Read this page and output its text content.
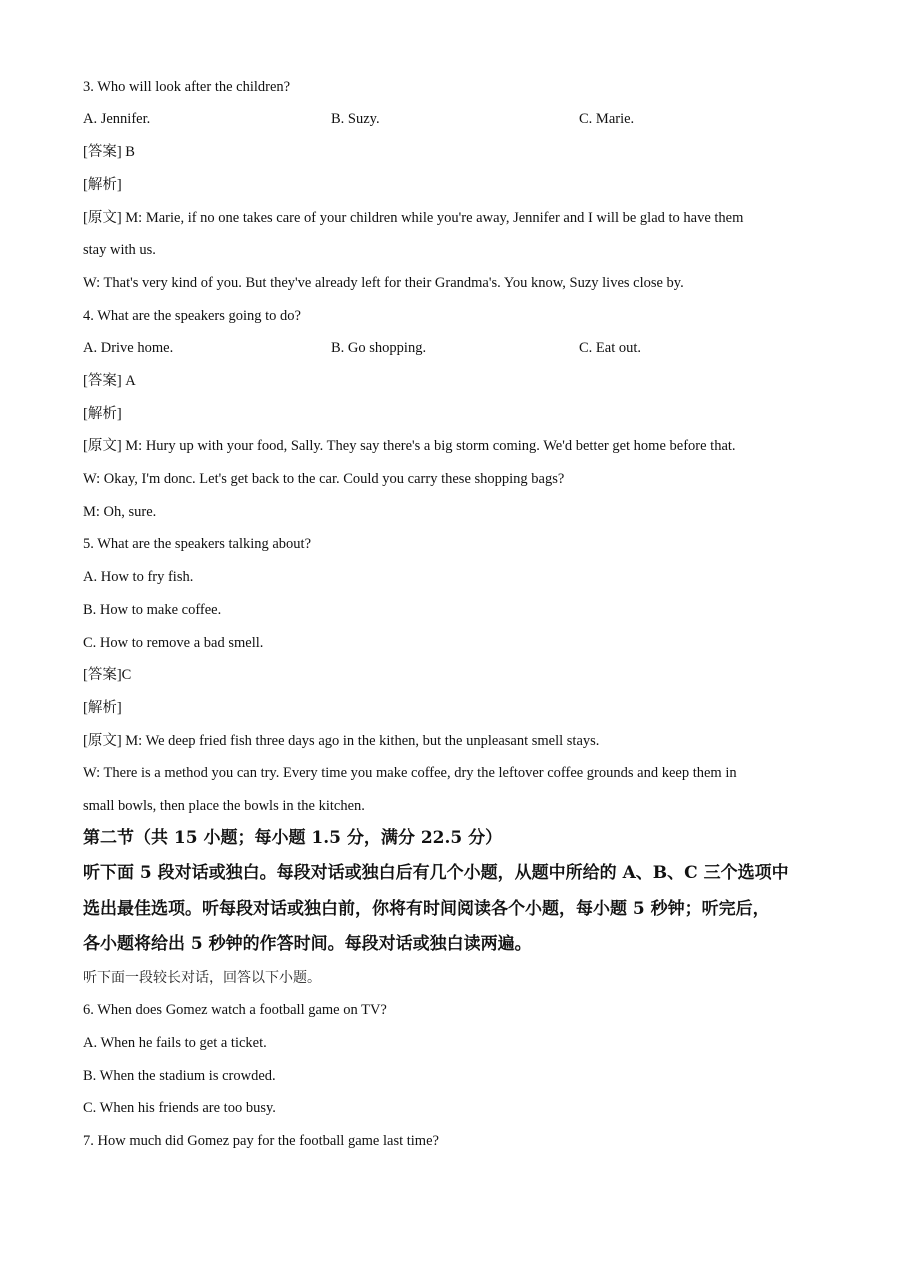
3. Who will look after the children?
A. Jennifer.	B. Suzy.	C. Marie.
[答案] B
[解析]
[原文] M: Marie, if no one takes care of your children while you're away, Jennifer and I will be glad to have them
stay with us.
W: That's very kind of you. But they've already left for their Grandma's. You know, Suzy lives close by.
4. What are the speakers going to do?
A. Drive home.	B. Go shopping.	C. Eat out.
[答案] A
[解析]
[原文] M: Hury up with your food, Sally. They say there's a big storm coming. We'd better get home before that.
W: Okay, I'm donc. Let's get back to the car. Could you carry these shopping bags?
M: Oh, sure.
5. What are the speakers talking about?
A. How to fry fish.
B. How to make coffee.
C. How to remove a bad smell.
[答案]C
[解析]
[原文] M: We deep fried fish three days ago in the kithen, but the unpleasant smell stays.
W: There is a method you can try. Every time you make coffee, dry the leftover coffee grounds and keep them in
small bowls, then place the bowls in the kitchen.
第二节（共 15 小题；每小题 1.5 分，满分 22.5 分）
听下面 5 段对话或独白。每段对话或独白后有几个小题，从题中所给的 A、B、C 三个选项中
选出最佳选项。听每段对话或独白前，你将有时间阅读各个小题，每小题 5 秒钟；听完后，
各小题将给出 5 秒钟的作答时间。每段对话或独白读两遍。
听下面一段较长对话，回答以下小题。
6. When does Gomez watch a football game on TV?
A. When he fails to get a ticket.
B. When the stadium is crowded.
C. When his friends are too busy.
7. How much did Gomez pay for the football game last time?
